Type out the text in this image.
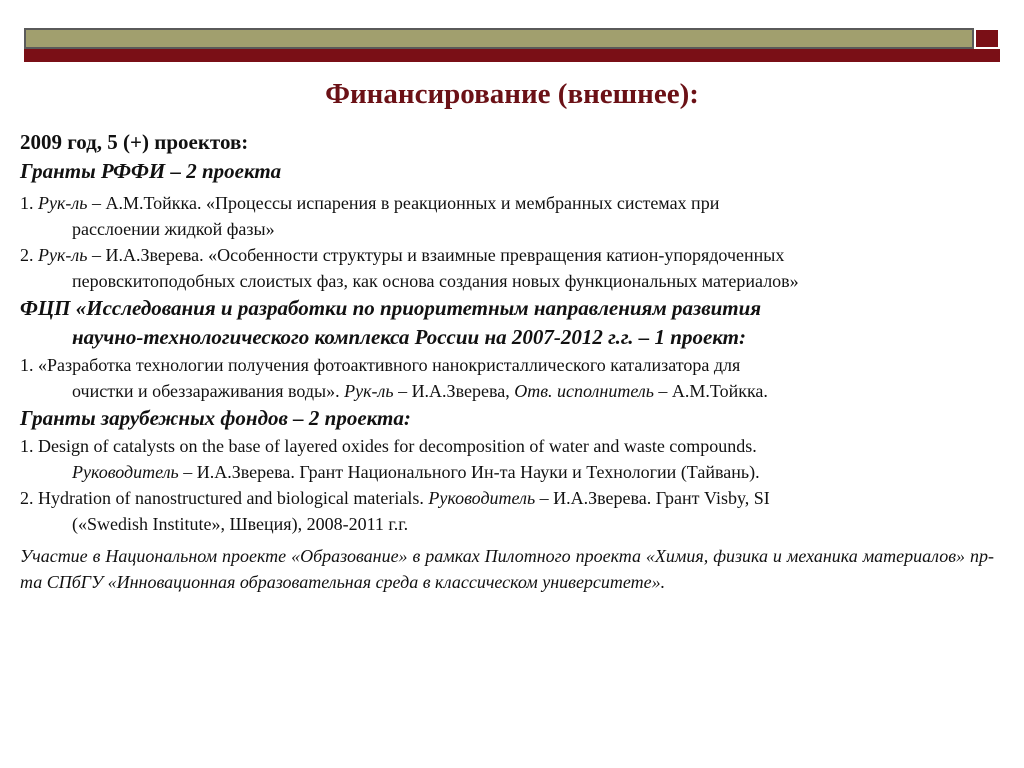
Финансирование (внешнее):
2009 год, 5 (+) проектов:
Гранты РФФИ – 2 проекта
1. Рук-ль – А.М.Тойкка. «Процессы испарения в реакционных и мембранных системах при
расслоении жидкой фазы»
2. Рук-ль – И.А.Зверева. «Особенности структуры и взаимные превращения катион-упорядоченных
перовскитоподобных слоистых фаз, как основа создания новых функциональных материалов»
ФЦП «Исследования и разработки по приоритетным направлениям развития
научно-технологического комплекса России на 2007-2012 г.г. – 1 проект:
1. «Разработка технологии получения фотоактивного нанокристаллического катализатора для
очистки и обеззараживания воды». Рук-ль – И.А.Зверева, Отв. исполнитель – А.М.Тойкка.
Гранты зарубежных фондов – 2 проекта:
1. Design of catalysts on the base of layered oxides for decomposition of water and waste compounds.
Руководитель – И.А.Зверева. Грант Национального Ин-та Науки и Технологии (Тайвань).
2. Hydration of nanostructured and biological materials. Руководитель – И.А.Зверева. Грант Visby, SI
(«Swedish Institute», Швеция), 2008-2011 г.г.
Участие в Национальном проекте «Образование» в рамках Пилотного проекта «Химия, физика и механика материалов» пр-та СПбГУ «Инновационная образовательная среда в классическом университете».
